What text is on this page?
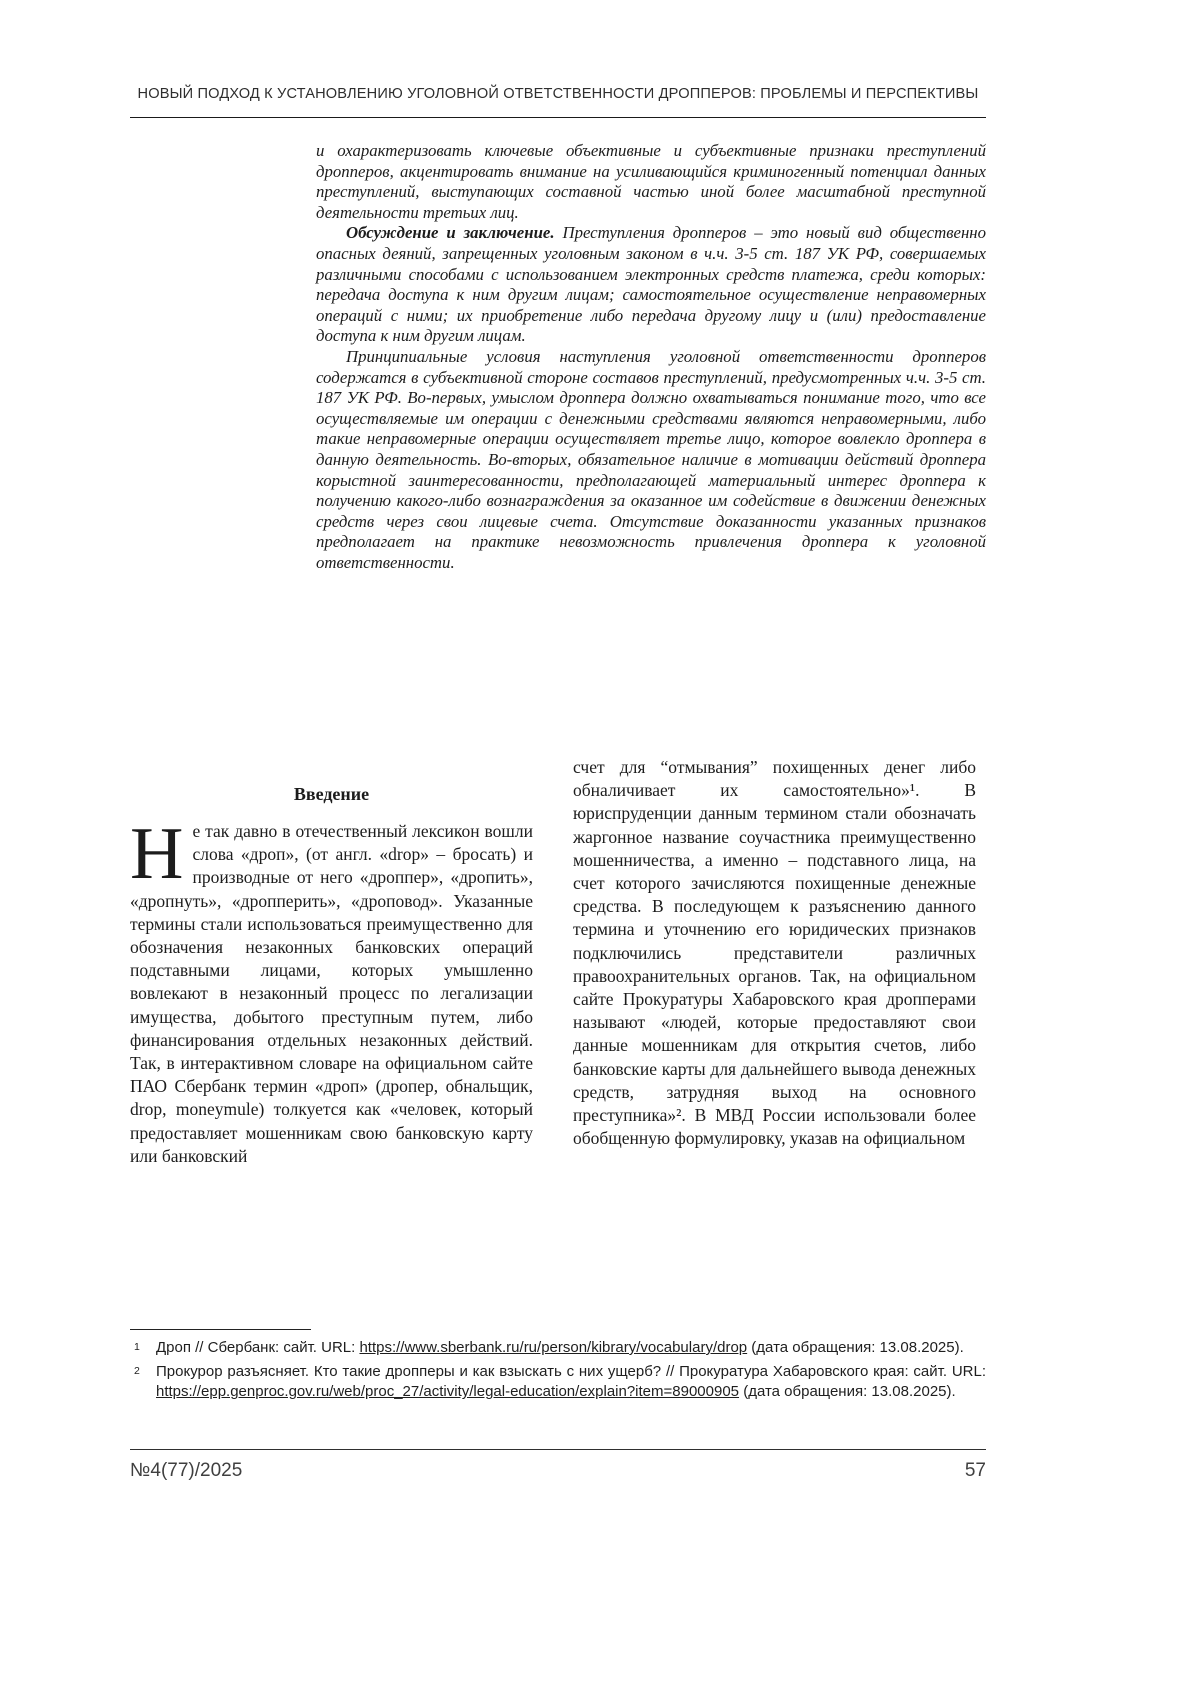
НОВЫЙ ПОДХОД К УСТАНОВЛЕНИЮ УГОЛОВНОЙ ОТВЕТСТВЕННОСТИ ДРОППЕРОВ: ПРОБЛЕМЫ И ПЕРСПЕКТИВЫ

и охарактеризовать ключевые объективные и субъективные признаки преступлений дропперов, акцентировать внимание на усиливающийся криминогенный потенциал данных преступлений, выступающих составной частью иной более масштабной преступной деятельности третьих лиц.

Обсуждение и заключение. Преступления дропперов – это новый вид общественно опасных деяний, запрещенных уголовным законом в ч.ч. 3-5 ст. 187 УК РФ, совершаемых различными способами с использованием электронных средств платежа, среди которых: передача доступа к ним другим лицам; самостоятельное осуществление неправомерных операций с ними; их приобретение либо передача другому лицу и (или) предоставление доступа к ним другим лицам.

Принципиальные условия наступления уголовной ответственности дропперов содержатся в субъективной стороне составов преступлений, предусмотренных ч.ч. 3-5 ст. 187 УК РФ. Во-первых, умыслом дроппера должно охватываться понимание того, что все осуществляемые им операции с денежными средствами являются неправомерными, либо такие неправомерные операции осуществляет третье лицо, которое вовлекло дроппера в данную деятельность. Во-вторых, обязательное наличие в мотивации действий дроппера корыстной заинтересованности, предполагающей материальный интерес дроппера к получению какого-либо вознаграждения за оказанное им содействие в движении денежных средств через свои лицевые счета. Отсутствие доказанности указанных признаков предполагает на практике невозможность привлечения дроппера к уголовной ответственности.

Введение

Не так давно в отечественный лексикон вошли слова «дроп», (от англ. «drop» – бросать) и производные от него «дроппер», «дропить», «дропнуть», «дропперить», «дроповод». Указанные термины стали использоваться преимущественно для обозначения незаконных банковских операций подставными лицами, которых умышленно вовлекают в незаконный процесс по легализации имущества, добытого преступным путем, либо финансирования отдельных незаконных действий. Так, в интерактивном словаре на официальном сайте ПАО Сбербанк термин «дроп» (дропер, обнальщик, drop, moneymule) толкуется как «человек, который предоставляет мошенникам свою банковскую карту или банковский

счет для “отмывания” похищенных денег либо обналичивает их самостоятельно»¹. В юриспруденции данным термином стали обозначать жаргонное название соучастника преимущественно мошенничества, а именно – подставного лица, на счет которого зачисляются похищенные денежные средства. В последующем к разъяснению данного термина и уточнению его юридических признаков подключились представители различных правоохранительных органов. Так, на официальном сайте Прокуратуры Хабаровского края дропперами называют «людей, которые предоставляют свои данные мошенникам для открытия счетов, либо банковские карты для дальнейшего вывода денежных средств, затрудняя выход на основного преступника»². В МВД России использовали более обобщенную формулировку, указав на официальном

1 Дроп // Сбербанк: сайт. URL: https://www.sberbank.ru/ru/person/kibrary/vocabulary/drop (дата обращения: 13.08.2025).
2 Прокурор разъясняет. Кто такие дропперы и как взыскать с них ущерб? // Прокуратура Хабаровского края: сайт. URL: https://epp.genproc.gov.ru/web/proc_27/activity/legal-education/explain?item=89000905 (дата обращения: 13.08.2025).
№4(77)/2025	57
